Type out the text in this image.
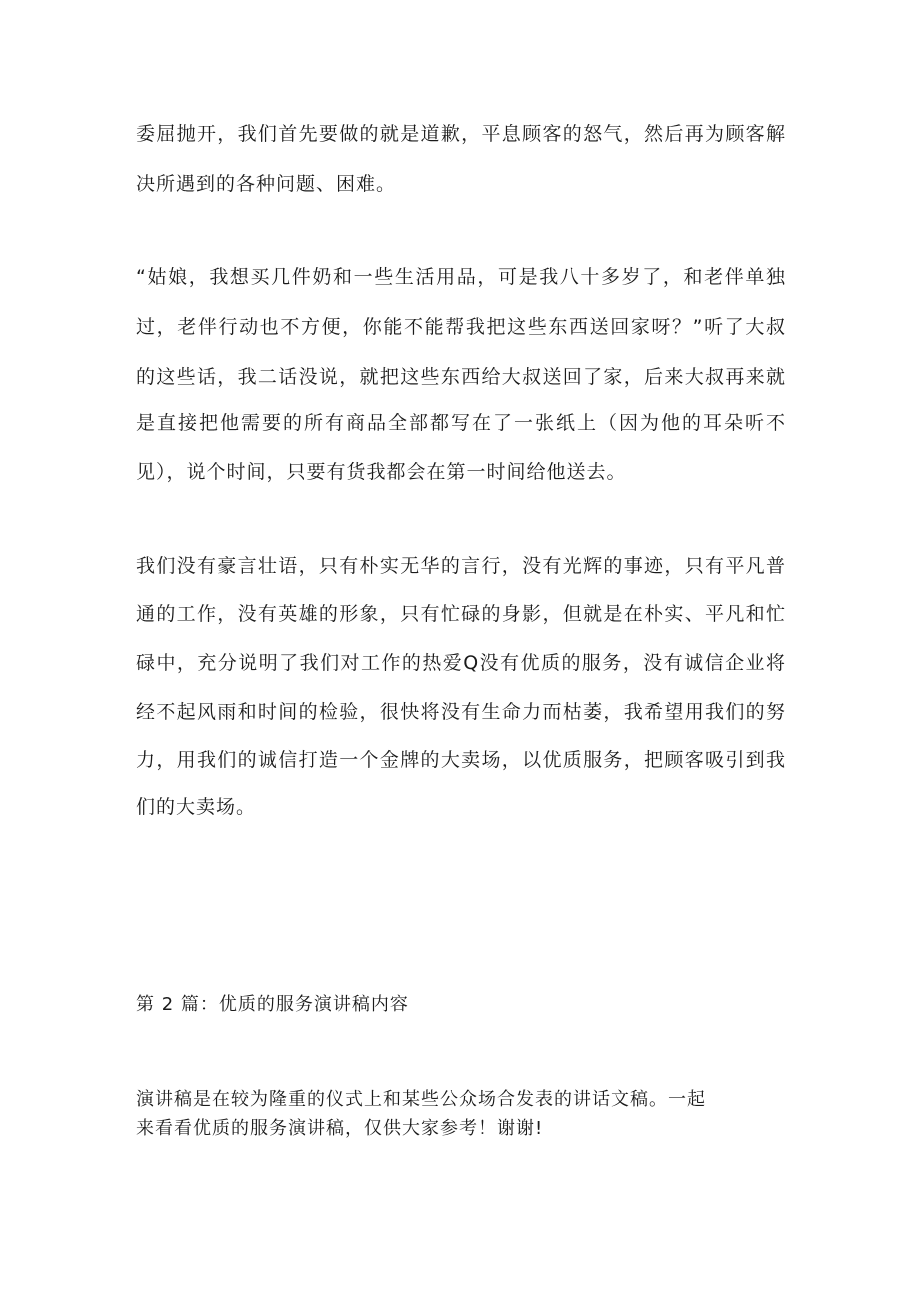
委屈抛开，我们首先要做的就是道歉，平息顾客的怒气，然后再为顾客解
决所遇到的各种问题、困难。
“姑娘，我想买几件奶和一些生活用品，可是我八十多岁了，和老伴单独
过，老伴行动也不方便，你能不能帮我把这些东西送回家呀？”听了大叔
的这些话，我二话没说，就把这些东西给大叔送回了家，后来大叔再来就
是直接把他需要的所有商品全部都写在了一张纸上（因为他的耳朵听不
见），说个时间，只要有货我都会在第一时间给他送去。
我们没有豪言壮语，只有朴实无华的言行，没有光辉的事迹，只有平凡普
通的工作，没有英雄的形象，只有忙碌的身影，但就是在朴实、平凡和忙
碌中，充分说明了我们对工作的热爱Q没有优质的服务，没有诚信企业将
经不起风雨和时间的检验，很快将没有生命力而枯萎，我希望用我们的努
力，用我们的诚信打造一个金牌的大卖场，以优质服务，把顾客吸引到我
们的大卖场。
第 2 篇：优质的服务演讲稿内容
演讲稿是在较为隆重的仪式上和某些公众场合发表的讲话文稿。一起
来看看优质的服务演讲稿，仅供大家参考！谢谢!
